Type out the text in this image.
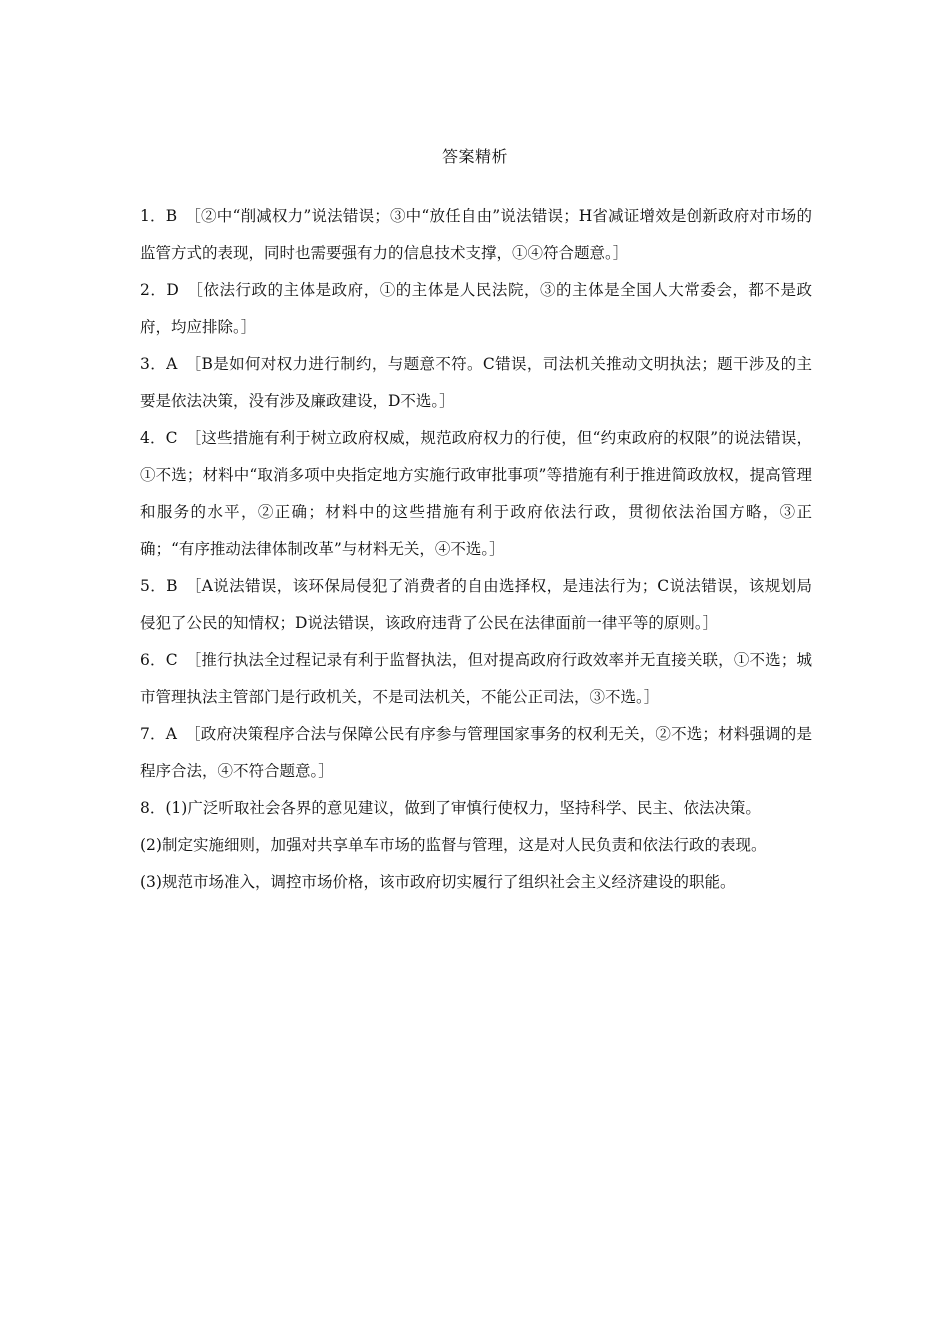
答案精析

1．B ［②中“削减权力”说法错误；③中“放任自由”说法错误；H省减证增效是创新政府对市场的监管方式的表现，同时也需要强有力的信息技术支撑，①④符合题意。］

2．D ［依法行政的主体是政府，①的主体是人民法院，③的主体是全国人大常委会，都不是政府，均应排除。］

3．A ［B是如何对权力进行制约，与题意不符。C错误，司法机关推动文明执法；题干涉及的主要是依法决策，没有涉及廉政建设，D不选。］

4．C ［这些措施有利于树立政府权威，规范政府权力的行使，但“约束政府的权限”的说法错误，①不选；材料中“取消多项中央指定地方实施行政审批事项”等措施有利于推进简政放权，提高管理和服务的水平，②正确；材料中的这些措施有利于政府依法行政，贯彻依法治国方略，③正确；“有序推动法律体制改革”与材料无关，④不选。］

5．B ［A说法错误，该环保局侵犯了消费者的自由选择权，是违法行为；C说法错误，该规划局侵犯了公民的知情权；D说法错误，该政府违背了公民在法律面前一律平等的原则。］

6．C ［推行执法全过程记录有利于监督执法，但对提高政府行政效率并无直接关联，①不选；城市管理执法主管部门是行政机关，不是司法机关，不能公正司法，③不选。］

7．A ［政府决策程序合法与保障公民有序参与管理国家事务的权利无关，②不选；材料强调的是程序合法，④不符合题意。］

8．(1)广泛听取社会各界的意见建议，做到了审慎行使权力，坚持科学、民主、依法决策。
(2)制定实施细则，加强对共享单车市场的监督与管理，这是对人民负责和依法行政的表现。
(3)规范市场准入，调控市场价格，该市政府切实履行了组织社会主义经济建设的职能。
